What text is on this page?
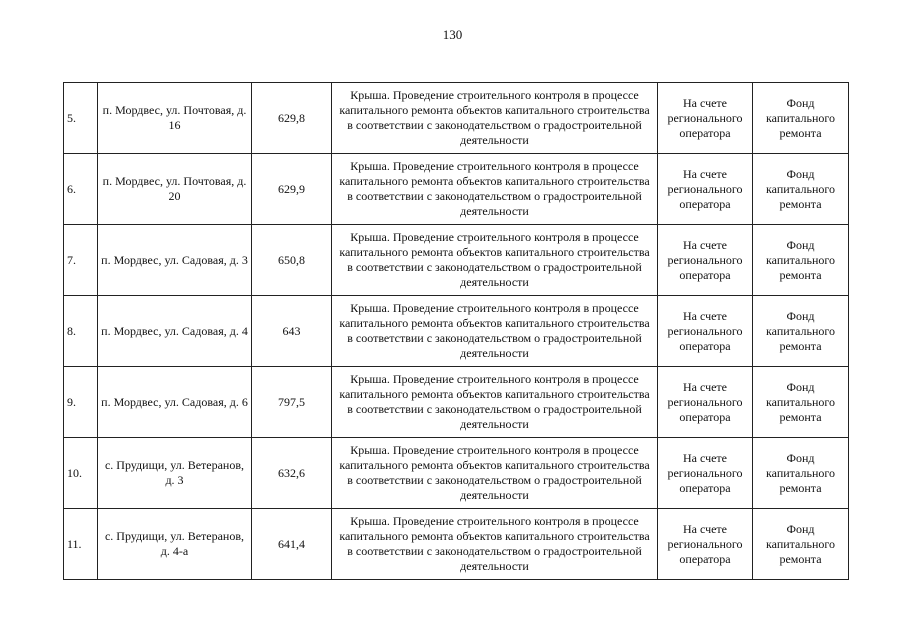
130
5.	п. Мордвес, ул. Почтовая, д. 16	629,8	Крыша. Проведение строительного контроля в процессе капитального ремонта объектов капитального строительства в соответствии с законодательством о градостроительной деятельности	На счете регионального оператора	Фонд капитального ремонта
6.	п. Мордвес, ул. Почтовая, д. 20	629,9	Крыша. Проведение строительного контроля в процессе капитального ремонта объектов капитального строительства в соответствии с законодательством о градостроительной деятельности	На счете регионального оператора	Фонд капитального ремонта
7.	п. Мордвес, ул. Садовая, д. 3	650,8	Крыша. Проведение строительного контроля в процессе капитального ремонта объектов капитального строительства в соответствии с законодательством о градостроительной деятельности	На счете регионального оператора	Фонд капитального ремонта
8.	п. Мордвес, ул. Садовая, д. 4	643	Крыша. Проведение строительного контроля в процессе капитального ремонта объектов капитального строительства в соответствии с законодательством о градостроительной деятельности	На счете регионального оператора	Фонд капитального ремонта
9.	п. Мордвес, ул. Садовая, д. 6	797,5	Крыша. Проведение строительного контроля в процессе капитального ремонта объектов капитального строительства в соответствии с законодательством о градостроительной деятельности	На счете регионального оператора	Фонд капитального ремонта
10.	с. Прудищи, ул. Ветеранов, д. 3	632,6	Крыша. Проведение строительного контроля в процессе капитального ремонта объектов капитального строительства в соответствии с законодательством о градостроительной деятельности	На счете регионального оператора	Фонд капитального ремонта
11.	с. Прудищи, ул. Ветеранов, д. 4-а	641,4	Крыша. Проведение строительного контроля в процессе капитального ремонта объектов капитального строительства в соответствии с законодательством о градостроительной деятельности	На счете регионального оператора	Фонд капитального ремонта
